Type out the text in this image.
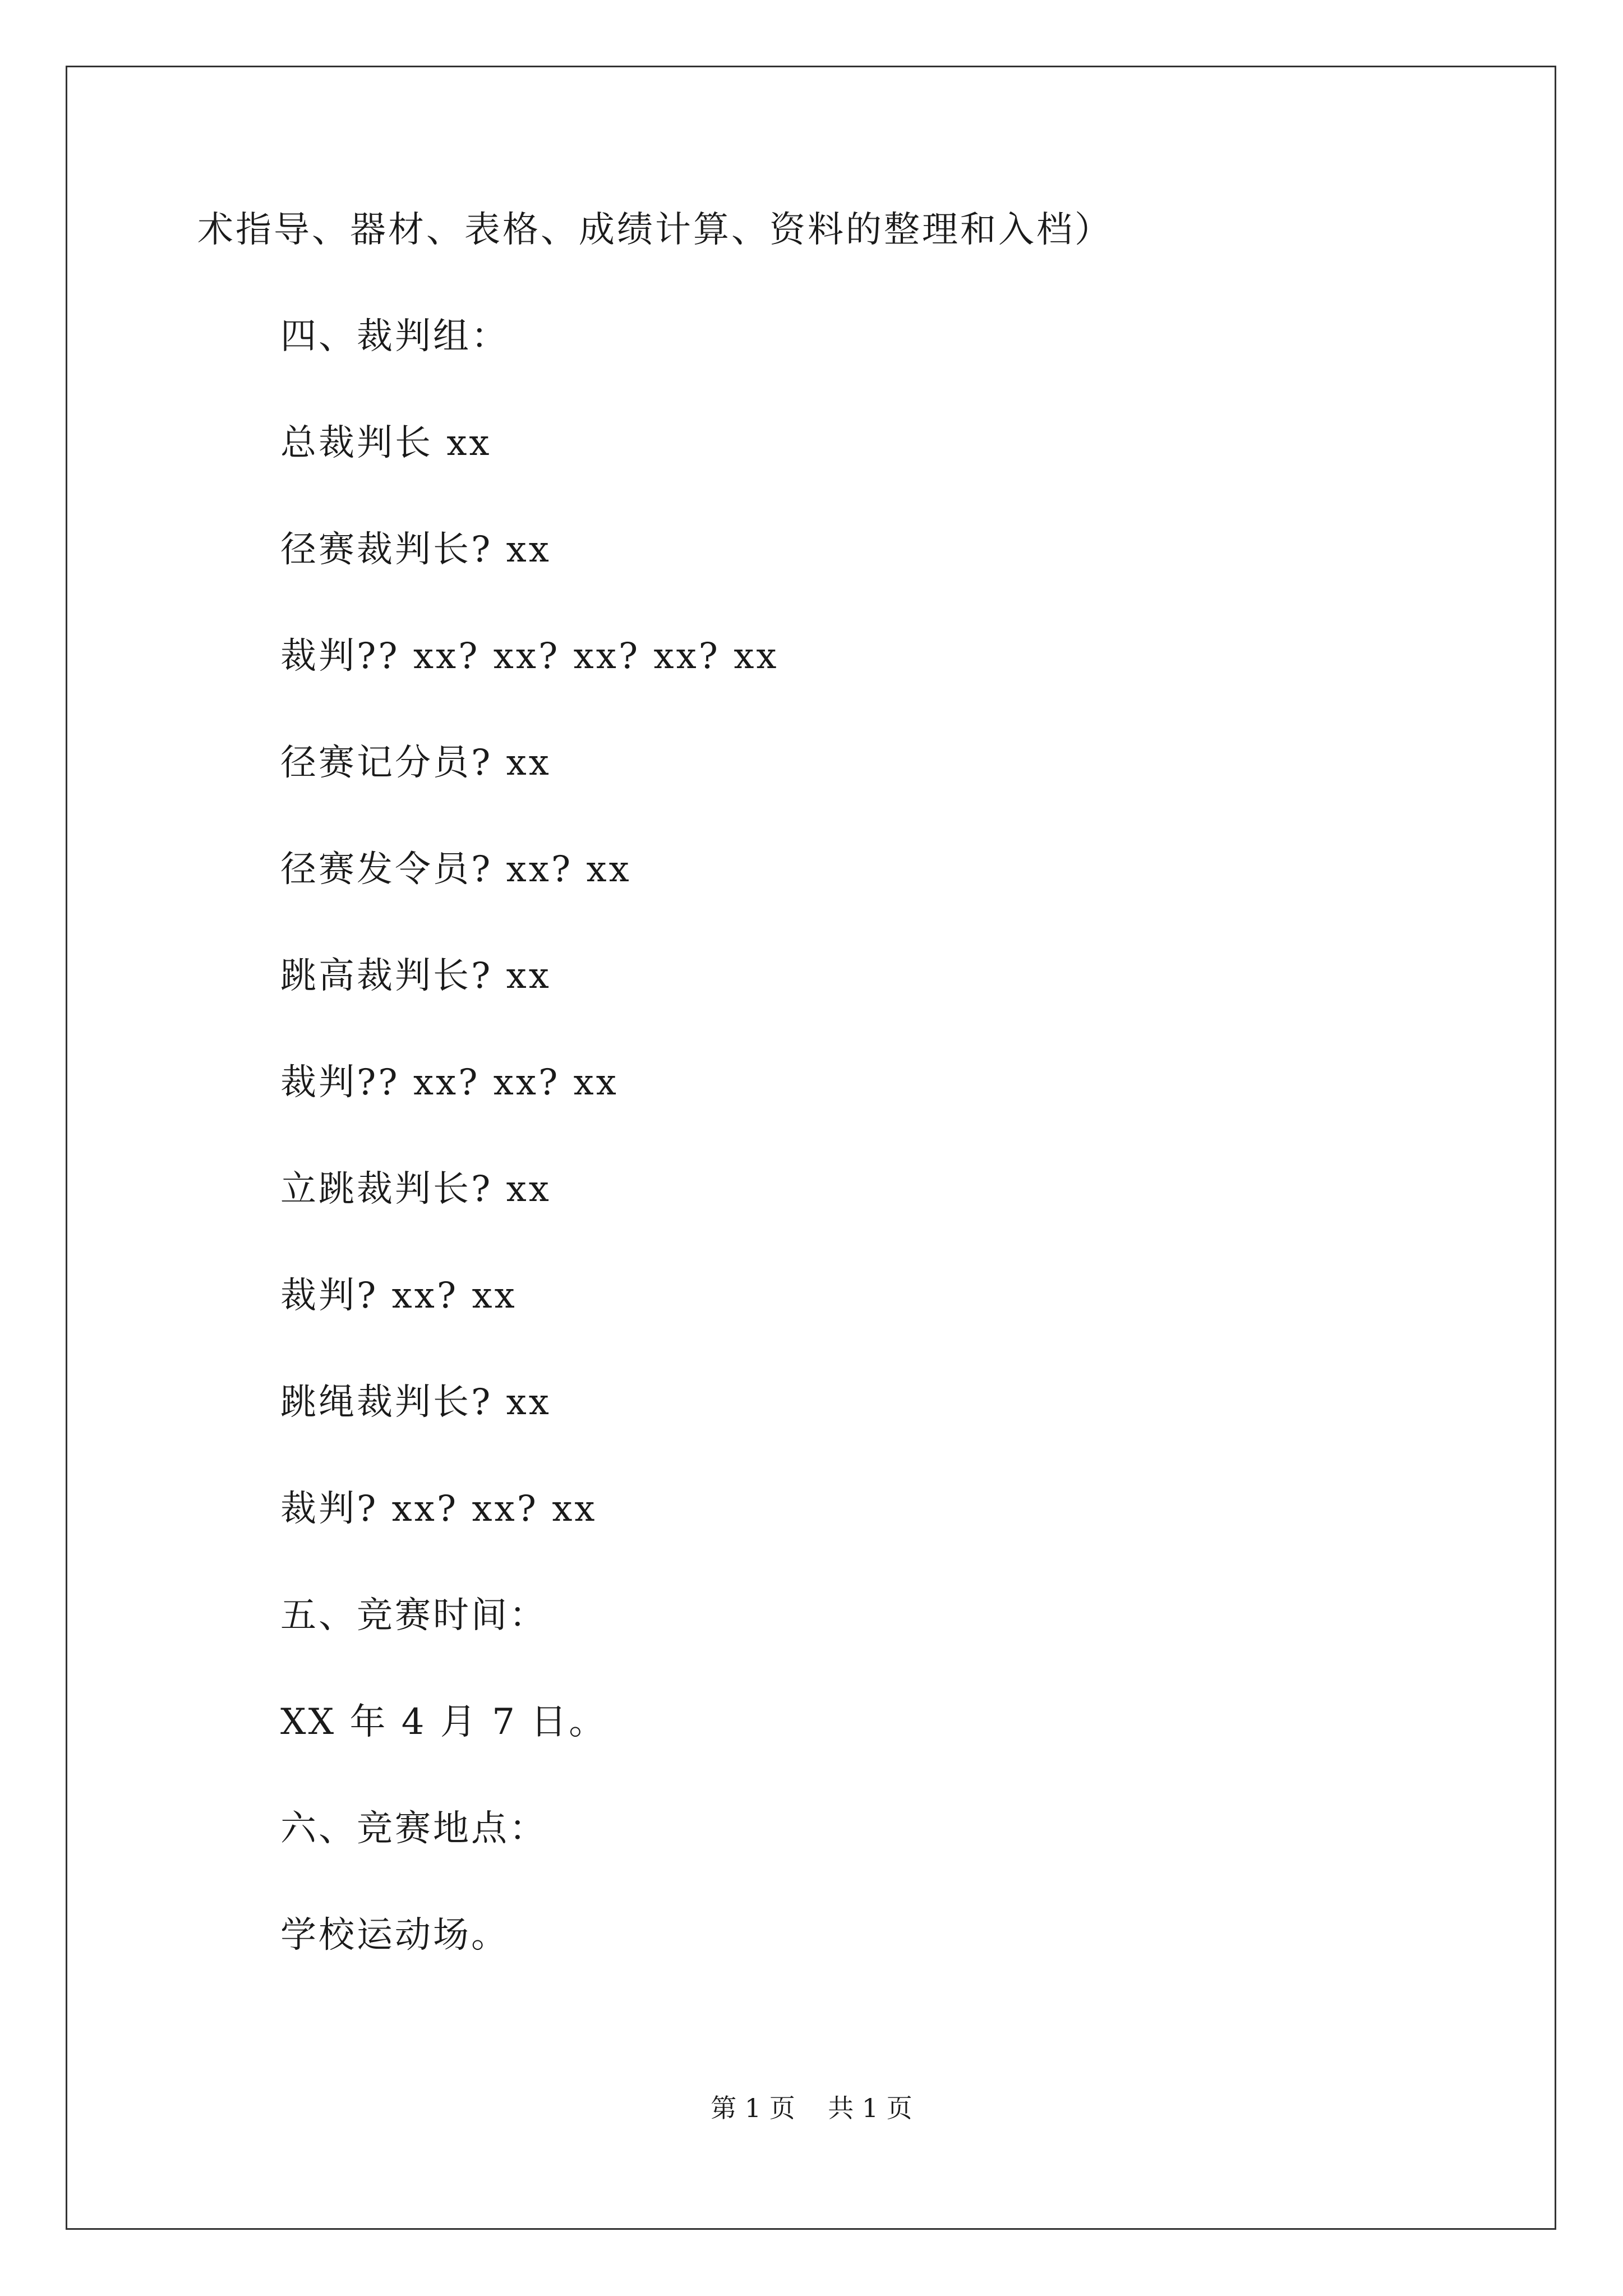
术指导、器材、表格、成绩计算、资料的整理和入档）
四、裁判组：
总裁判长 xx
径赛裁判长? xx
裁判?? xx? xx? xx? xx? xx
径赛记分员? xx
径赛发令员? xx? xx
跳高裁判长? xx
裁判?? xx? xx? xx
立跳裁判长? xx
裁判? xx? xx
跳绳裁判长? xx
裁判? xx? xx? xx
五、竞赛时间：
XX 年 4 月 7 日。
六、竞赛地点：
学校运动场。
第 1 页    共 1 页
